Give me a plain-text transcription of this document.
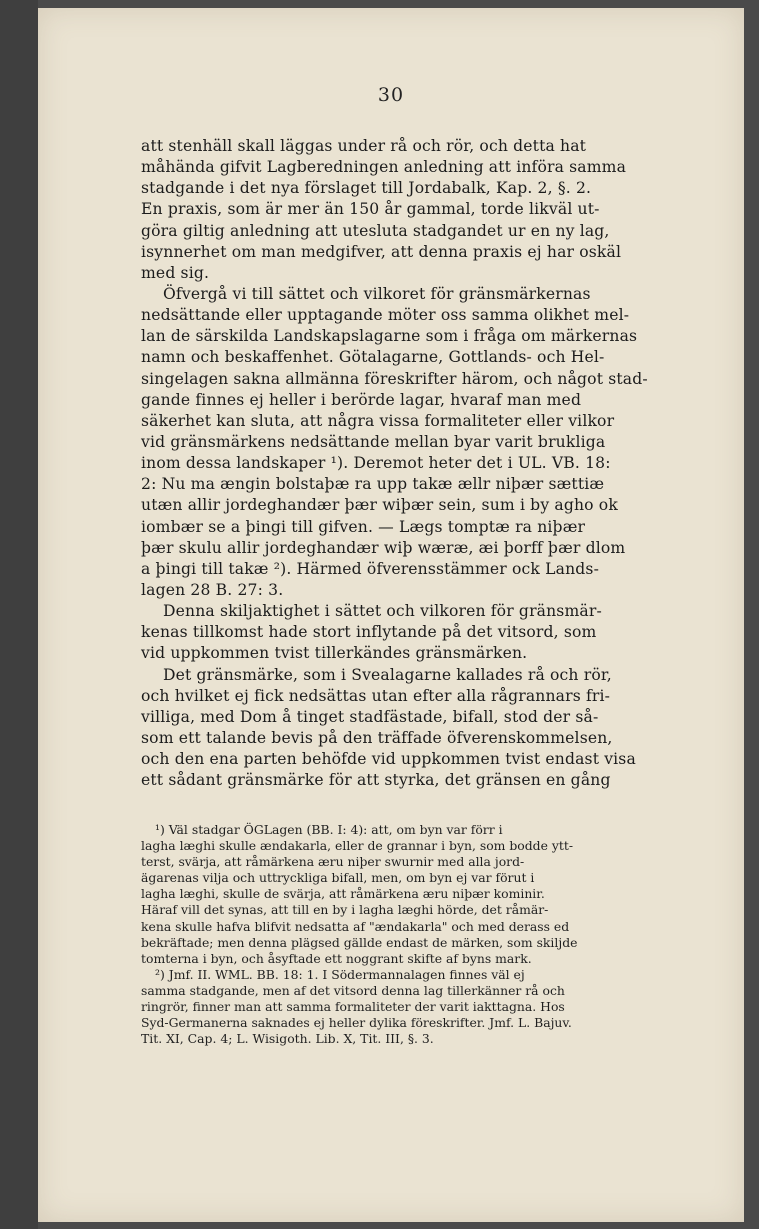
30
att stenhäll skall läggas under rå och rör, och detta hat
måhända gifvit Lagberedningen anledning att införa samma
stadgande i det nya förslaget till Jordabalk, Kap. 2, §. 2.
En praxis, som är mer än 150 år gammal, torde likväl ut-
göra giltig anledning att utesluta stadgandet ur en ny lag,
isynnerhet om man medgifver, att denna praxis ej har oskäl
med sig.
Öfvergå vi till sättet och vilkoret för gränsmärkernas
nedsättande eller upptagande möter oss samma olikhet mel-
lan de särskilda Landskapslagarne som i fråga om märkernas
namn och beskaffenhet. Götalagarne, Gottlands- och Hel-
singelagen sakna allmänna föreskrifter härom, och något stad-
gande finnes ej heller i berörde lagar, hvaraf man med
säkerhet kan sluta, att några vissa formaliteter eller vilkor
vid gränsmärkens nedsättande mellan byar varit brukliga
inom dessa landskaper ¹). Deremot heter det i UL. VB. 18:
2: Nu ma ængin bolstaþæ ra upp takæ ællr niþær sættiæ
utæn allir jordeghandær þær wiþær sein, sum i by agho ok
iombær se a þingi till gifven. — Lægs tomptæ ra niþær
þær skulu allir jordeghandær wiþ wæræ, æi þorff þær dlom
a þingi till takæ ²). Härmed öfverensstämmer ock Lands-
lagen 28 B. 27: 3.
Denna skiljaktighet i sättet och vilkoren för gränsmär-
kenas tillkomst hade stort inflytande på det vitsord, som
vid uppkommen tvist tillerkändes gränsmärken.
Det gränsmärke, som i Svealagarne kallades rå och rör,
och hvilket ej fick nedsättas utan efter alla rågrannars fri-
villiga, med Dom å tinget stadfästade, bifall, stod der så-
som ett talande bevis på den träffade öfverenskommelsen,
och den ena parten behöfde vid uppkommen tvist endast visa
ett sådant gränsmärke för att styrka, det gränsen en gång
¹) Väl stadgar ÖGLagen (BB. I: 4): att, om byn var förr i
lagha læghi skulle ændakarla, eller de grannar i byn, som bodde ytt-
terst, svärja, att råmärkena æru niþer swurnir med alla jord-
ägarenas vilja och uttryckliga bifall, men, om byn ej var förut i
lagha læghi, skulle de svärja, att råmärkena æru niþær kominir.
Häraf vill det synas, att till en by i lagha læghi hörde, det råmär-
kena skulle hafva blifvit nedsatta af "ændakarla" och med derass ed
bekräftade; men denna plägsed gällde endast de märken, som skiljde
tomterna i byn, och åsyftade ett noggrant skifte af byns mark.
²) Jmf. II. WML. BB. 18: 1. I Södermannalagen finnes väl ej
samma stadgande, men af det vitsord denna lag tillerkänner rå och
ringrör, finner man att samma formaliteter der varit iakttagna. Hos
Syd-Germanerna saknades ej heller dylika föreskrifter. Jmf. L. Bajuv.
Tit. XI, Cap. 4; L. Wisigoth. Lib. X, Tit. III, §. 3.
